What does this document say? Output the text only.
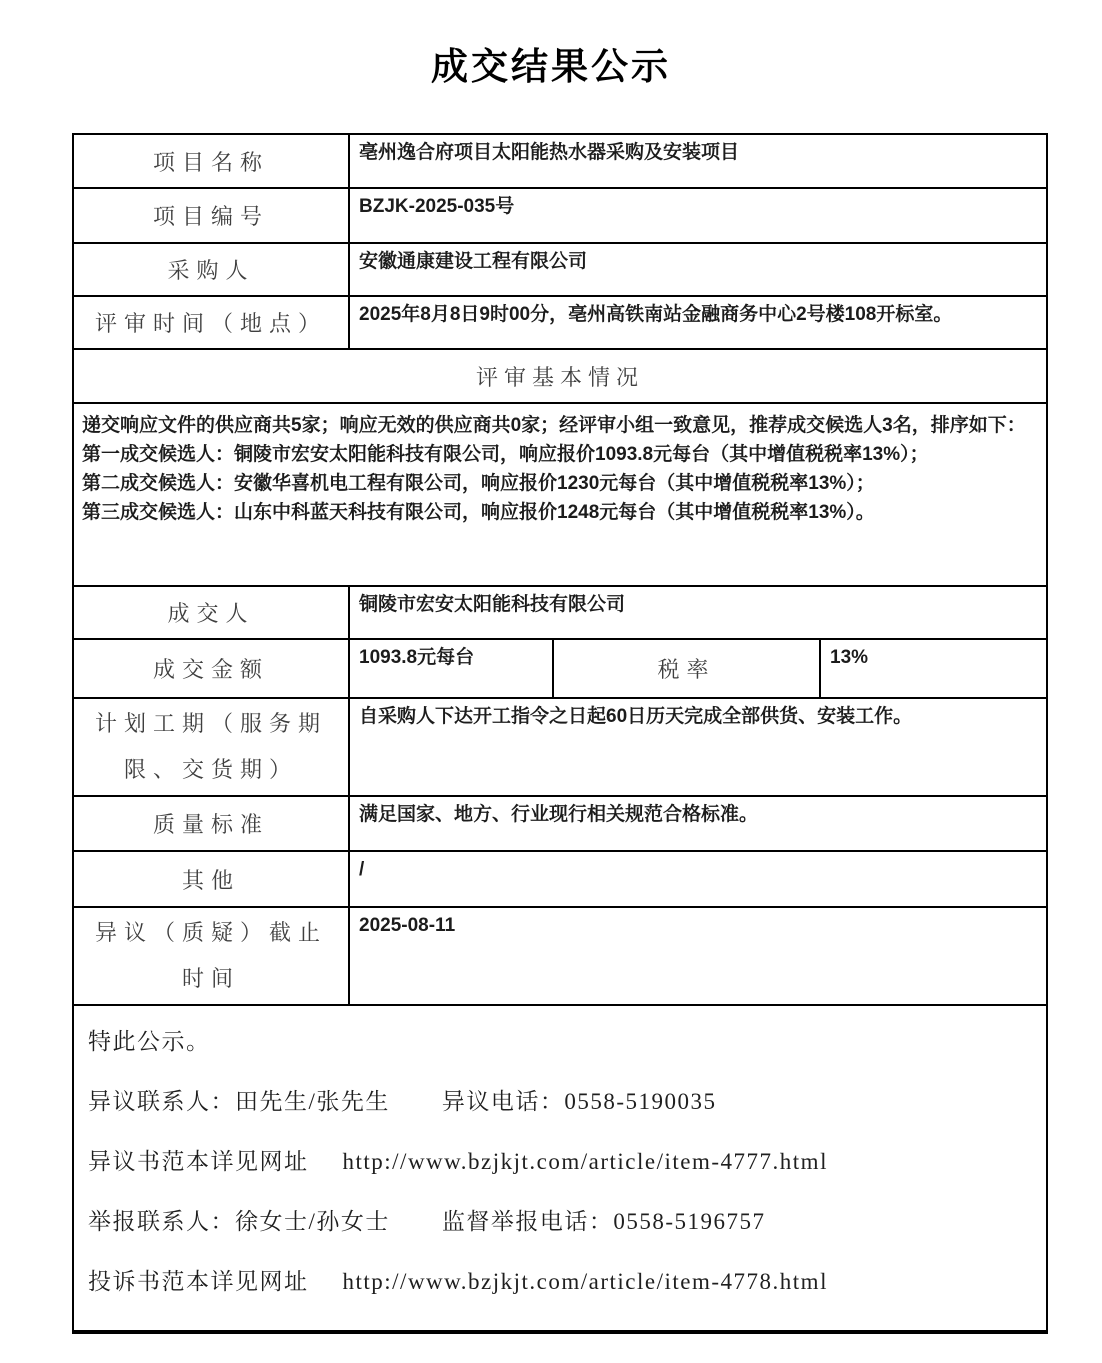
成交结果公示
项目名称	亳州逸合府项目太阳能热水器采购及安装项目		
项目编号	BZJK-2025-035号		
采购人	安徽通康建设工程有限公司		
评审时间（地点）	2025年8月8日9时00分，亳州高铁南站金融商务中心2号楼108开标室。		
评审基本情况			

递交响应文件的供应商共5家；响应无效的供应商共0家；经评审小组一致意见，推荐成交候选人3名，排序如下：
第一成交候选人：铜陵市宏安太阳能科技有限公司，响应报价1093.8元每台（其中增值税税率13%）；
第二成交候选人：安徽华喜机电工程有限公司，响应报价1230元每台（其中增值税税率13%）；
第三成交候选人：山东中科蓝天科技有限公司，响应报价1248元每台（其中增值税税率13%）。			

成交人	铜陵市宏安太阳能科技有限公司		
成交金额	1093.8元每台	税率	13%
计划工期（服务期限、交货期）	自采购人下达开工指令之日起60日历天完成全部供货、安装工作。		
质量标准	满足国家、地方、行业现行相关规范合格标准。		
其他	/		
异议（质疑）截止时间	2025-08-11		

特此公示。

异议联系人：田先生/张先生 异议电话：0558-5190035

异议书范本详见网址 http://www.bzjkjt.com/article/item-4777.html

举报联系人：徐女士/孙女士 监督举报电话：0558-5196757

投诉书范本详见网址 http://www.bzjkjt.com/article/item-4778.html			
